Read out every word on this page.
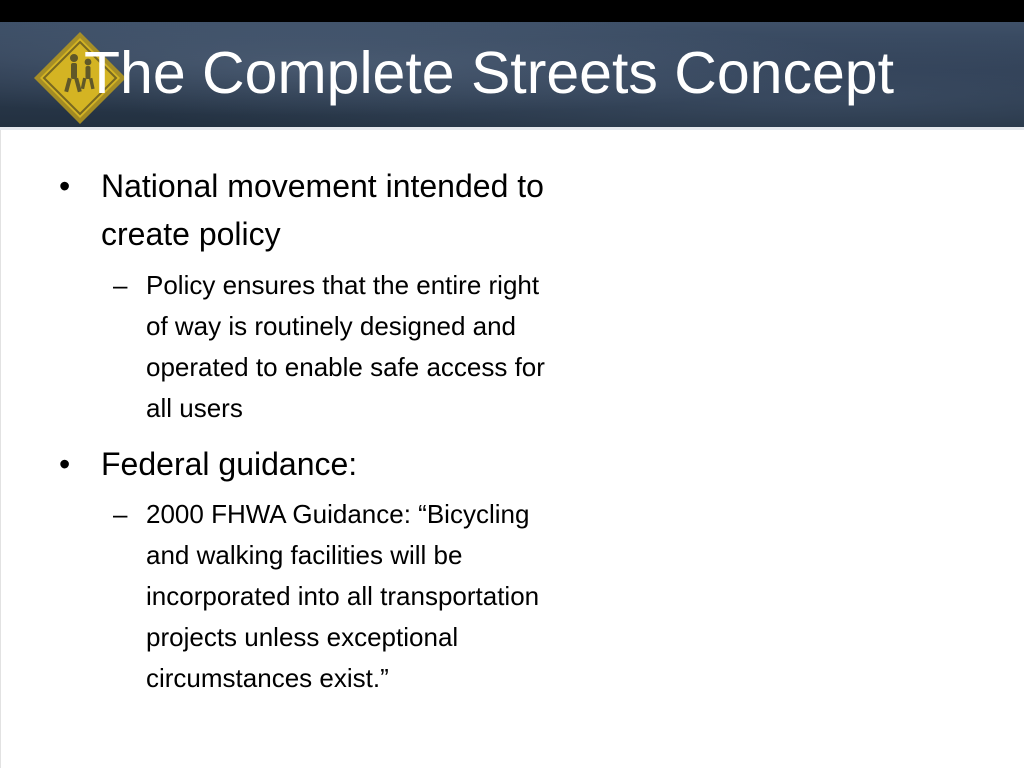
The Complete Streets Concept
• National movement intended to
create policy
– Policy ensures that the entire right
of way is routinely designed and
operated to enable safe access for
all users
• Federal guidance:
– 2000 FHWA Guidance: “Bicycling
and walking facilities will be
incorporated into all transportation
projects unless exceptional
circumstances exist.”
